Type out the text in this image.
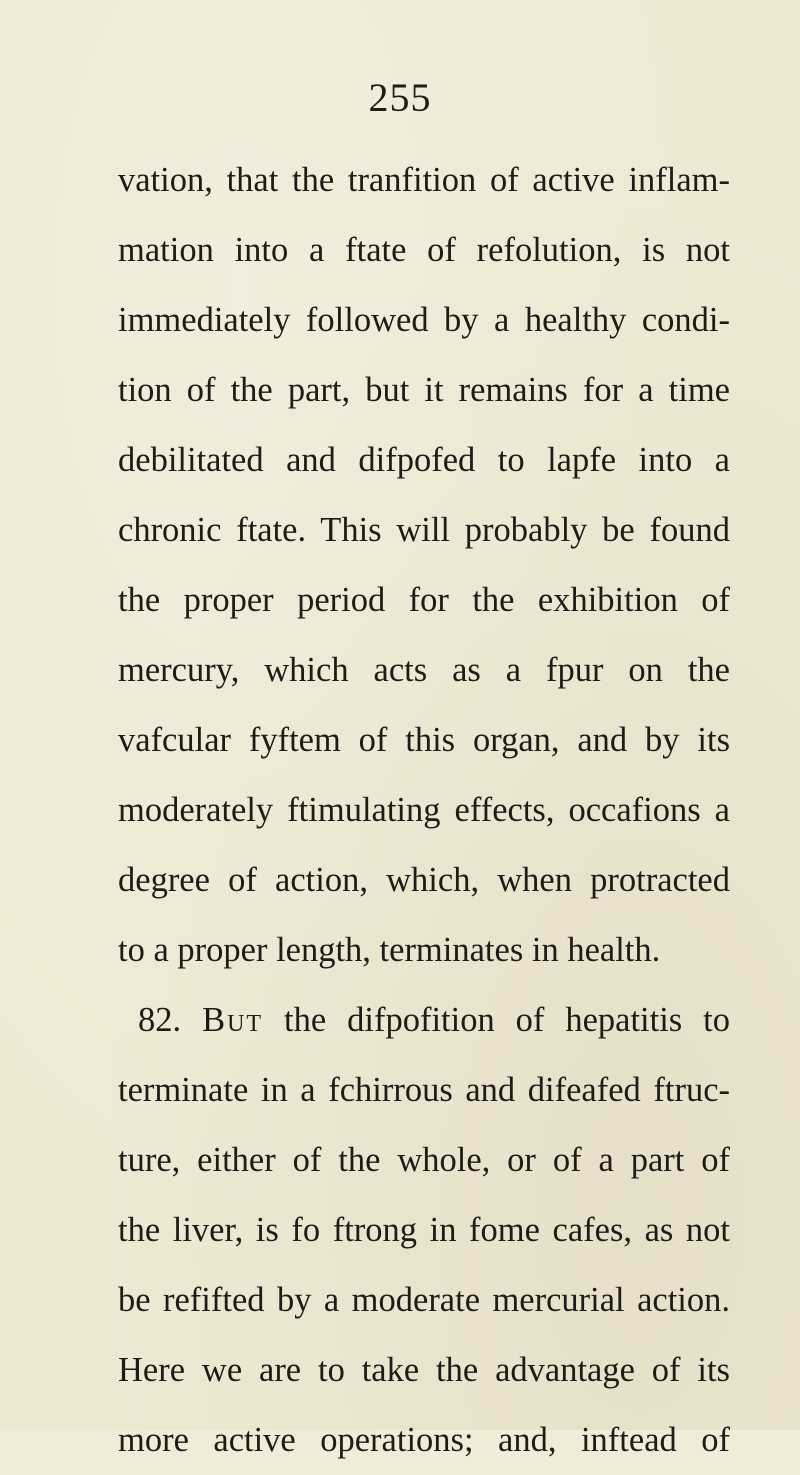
255
vation, that the tranfition of active inflam-
mation into a ftate of refolution, is not
immediately followed by a healthy condi-
tion of the part, but it remains for a time
debilitated and difpofed to lapfe into a
chronic ftate. This will probably be found
the proper period for the exhibition of
mercury, which acts as a fpur on the
vafcular fyftem of this organ, and by its
moderately ftimulating effects, occafions a
degree of action, which, when protracted
to a proper length, terminates in health.
82. But the difpofition of hepatitis to
terminate in a fchirrous and difeafed ftruc-
ture, either of the whole, or of a part of
the liver, is fo ftrong in fome cafes, as not
be refifted by a moderate mercurial action.
Here we are to take the advantage of its
more active operations; and, inftead of
